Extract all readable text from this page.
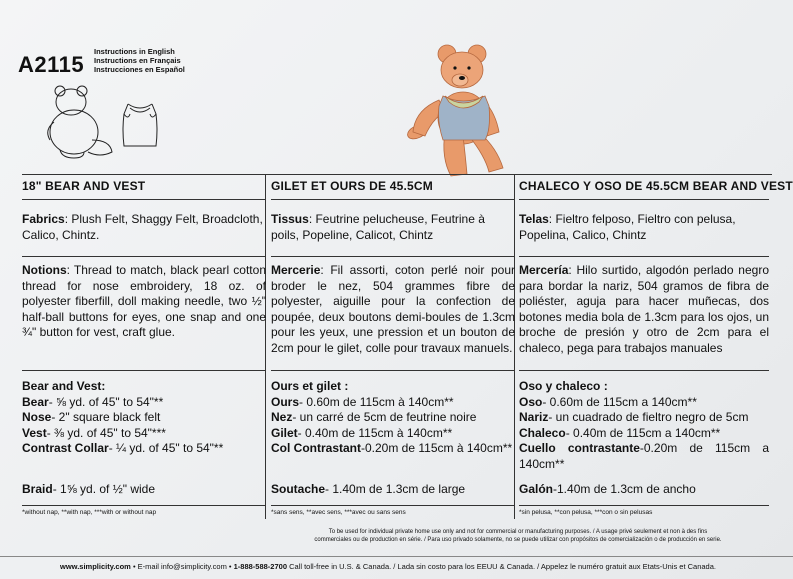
A2115
Instructions in English
Instructions en Français
Instrucciones en Español
18" BEAR AND VEST
Fabrics: Plush Felt, Shaggy Felt, Broadcloth, Calico, Chintz.
Notions: Thread to match, black pearl cotton thread for nose embroidery, 18 oz. of polyester fiberfill, doll making needle, two ½" half-ball buttons for eyes, one snap and one ¾" button for vest, craft glue.
Bear and Vest:
Bear- ⅝ yd. of 45" to 54"**
Nose- 2" square black felt
Vest- ⅜ yd. of 45" to 54"***
Contrast Collar- ¼ yd. of 45" to 54"**
Braid- 1⅝ yd. of ½" wide
*without nap, **with nap, ***with or without nap
GILET ET OURS DE 45.5CM
Tissus: Feutrine pelucheuse, Feutrine à poils, Popeline, Calicot, Chintz
Mercerie: Fil assorti, coton perlé noir pour broder le nez, 504 grammes fibre de polyester, aiguille pour la confection de poupée, deux boutons demi-boules de 1.3cm pour les yeux, une pression et un bouton de 2cm pour le gilet, colle pour travaux manuels.
Ours et gilet :
Ours- 0.60m de 115cm à 140cm**
Nez- un carré de 5cm de feutrine noire
Gilet- 0.40m de 115cm à 140cm**
Col Contrastant-0.20m de 115cm à 140cm**
Soutache- 1.40m de 1.3cm de large
*sans sens, **avec sens, ***avec ou sans sens
CHALECO Y OSO DE 45.5CM BEAR AND VEST
Telas: Fieltro felposo, Fieltro con pelusa, Popelina, Calico, Chintz
Mercería: Hilo surtido, algodón perlado negro para bordar la nariz, 504 gramos de fibra de poliéster, aguja para hacer muñecas, dos botones media bola de 1.3cm para los ojos, un broche de presión y otro de 2cm para el chaleco, pega para trabajos manuales
Oso y chaleco :
Oso- 0.60m de 115cm a 140cm**
Nariz- un cuadrado de fieltro negro de 5cm
Chaleco- 0.40m de 115cm a 140cm**
Cuello contrastante-0.20m de 115cm a 140cm**
Galón-1.40m de 1.3cm de ancho
*sin pelusa, **con pelusa, ***con o sin pelusas
To be used for individual private home use only and not for commercial or manufacturing purposes. / A usage privé seulement et non à des fins
commerciales ou de production en série. / Para uso privado solamente, no se puede utilizar con propósitos de comercialización o de producción en serie.
www.simplicity.com • E-mail info@simplicity.com • 1-888-588-2700 Call toll-free in U.S. & Canada. / Lada sin costo para los EEUU & Canada. / Appelez le numéro gratuit aux Etats-Unis et Canada.
